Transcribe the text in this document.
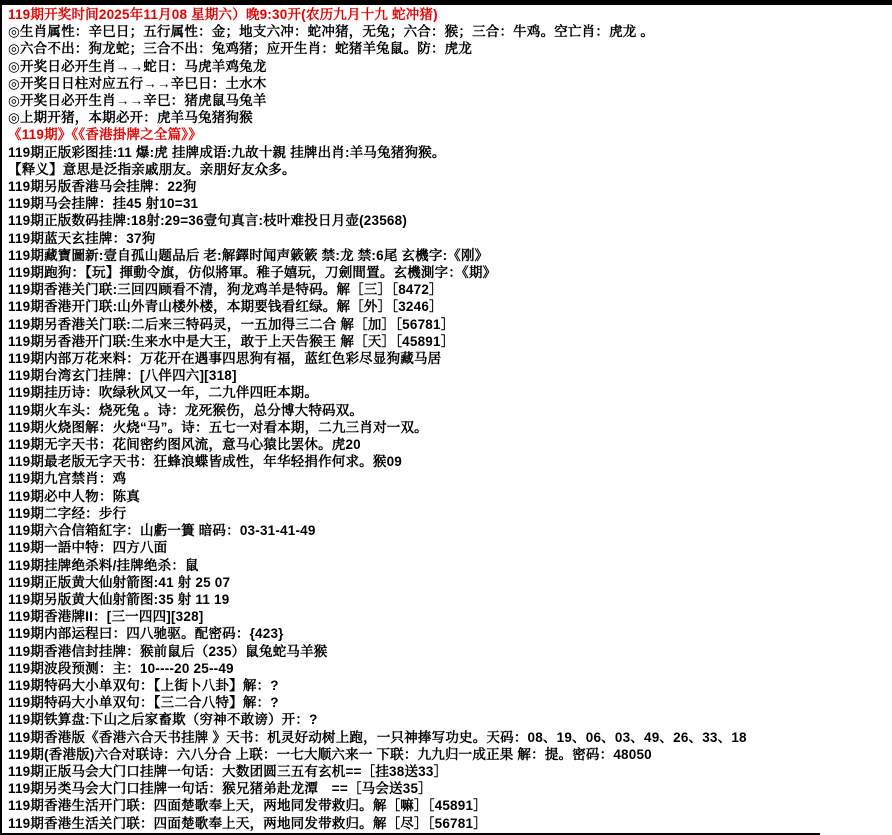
119期开奖时间2025年11月08 星期六）晚9:30开(农历九月十九 蛇冲猪)
◎生肖属性：辛巳日；五行属性：金；地支六冲：蛇冲猪，无兔；六合：猴；三合：牛鸡。空亡肖：虎龙 。
◎六合不出：狗龙蛇；三合不出：兔鸡猪；应开生肖：蛇猪羊兔鼠。防：虎龙
◎开奖日必开生肖→→蛇日：马虎羊鸡兔龙
◎开奖日日柱对应五行→→辛巳日：土水木
◎开奖日必开生肖→→辛巳：猪虎鼠马兔羊
◎上期开猪，本期必开：虎羊马兔猪狗猴
《119期》《《香港掛牌之全篇》》
119期正版彩图挂:11 爆:虎 挂牌成语:九故十親 挂牌出肖:羊马兔猪狗猴。
【释义】意思是泛指亲戚朋友。亲朋好友众多。
119期另版香港马会挂牌：22狗
119期马会挂牌：挂45 射10=31
119期正版数码挂牌:18射:29=36壹句真言:枝叶难投日月壶(23568)
119期蓝天玄挂牌：37狗
119期藏寶圖新:壹自孤山题品后 老:解鐸时闻声簌簌 禁:龙 禁:6尾 玄機字:《刚》
119期跑狗：【玩】揮動令旗，仿似將軍。稚子嬉玩，刀劍間置。玄機測字：《期》
119期香港关门联:三回四顾看不清，狗龙鸡羊是特码。解［三］［8472］
119期香港开门联:山外青山楼外楼，本期要钱看红绿。解［外］［3246］
119期另香港关门联:二后来三特码灵，一五加得三二合 解［加］［56781］
119期另香港开门联:生来水中是大王，敢于上天告猴王 解［天］［45891］
119期内部万花来料：万花开在遇事四思狗有福，蓝红色彩尽显狗藏马居
119期台湾玄门挂牌：[八伴四六][318]
119期挂历诗：吹绿秋风又一年，二九伴四旺本期。
119期火车头：烧死兔 。诗：龙死猴伤，总分博大特码双。
119期火烧图解：火烧“马”。诗：五七一对看本期，二九三肖对一双。
119期无字天书：花间密约图风流，意马心猿比罢休。虎20
119期最老版无字天书：狂蜂浪蝶皆成性，年华轻捐作何求。猴09
119期九宫禁肖：鸡
119期必中人物：陈真
119期二字经：步行
119期六合信箱紅字：山虧一簣 暗码：03-31-41-49
119期一語中特：四方八面
119期挂牌绝杀料/挂牌绝杀：鼠
119期正版黄大仙射箭图:41 射 25 07
119期另版黄大仙射箭图:35 射 11 19
119期香港牌II：[三一四四][328]
119期内部运程曰：四八驰驱。配密码：{423}
119期香港信封挂牌：猴前鼠后（235）鼠兔蛇马羊猴
119期波段预测：主：10----20 25--49
119期特码大小单双句：【上街卜八卦】解：?
119期特码大小单双句：【三二合八特】解：?
119期铁算盘:下山之后家畜欺（穷神不敢谤）开：?
119期香港版《香港六合天书挂牌 》天书：机灵好动树上跑，一只神捧写功史。天码：08、19、06、03、49、26、33、18
119期(香港版)六合对联诗：六八分合 上联：一七大顺六来一 下联：九九归一成正果 解：提。密码：48050
119期正版马会大门口挂牌一句话：大数团圆三五有玄机==［挂38送33］
119期另类马会大门口挂牌一句话：猴兄猪弟赴龙潭　==［马会送35］
119期香港生活开门联：四面楚歌奉上天，两地同发带救归。解［嘛］［45891］
119期香港生活关门联：四面楚歌奉上天，两地同发带救归。解［尽］［56781］
